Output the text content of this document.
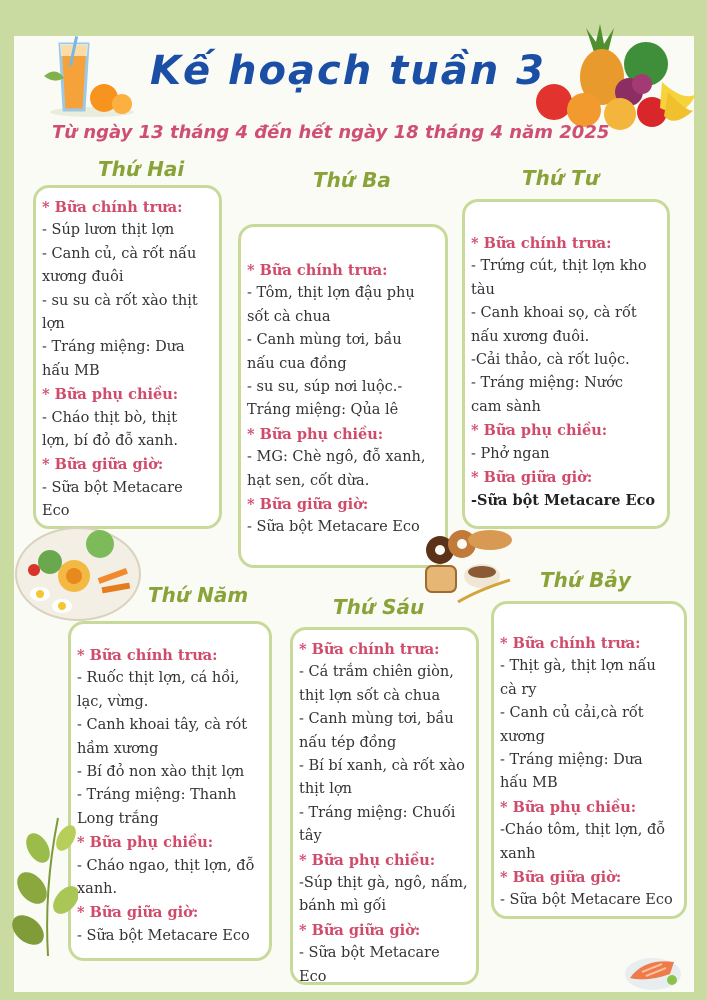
Kế hoạch tuần 3
Từ ngày 13 tháng 4 đến hết ngày 18 tháng 4 năm 2025
Thứ Hai	Thứ Ba	Thứ Tư
Thứ Năm	Thứ Sáu
Thứ Bảy
* Bữa chính trưa:
- Súp lươn thịt lợn
- Canh củ, cà rốt nấu
xương đuôi
- su su cà rốt xào thịt
lợn
- Tráng miệng: Dưa
hấu MB
* Bữa phụ chiều:
- Cháo thịt bò, thịt
lợn, bí đỏ đỗ xanh.
* Bữa giữa giờ:
- Sữa bột Metacare
Eco
* Bữa chính trưa:
- Tôm, thịt lợn đậu phụ
sốt cà chua
- Canh mùng tơi, bầu
nấu cua đồng
- su su, súp nơi luộc.-
Tráng miệng: Qủa lê
* Bữa phụ chiều:
- MG: Chè ngô, đỗ xanh,
hạt sen, cốt dừa.
* Bữa giữa giờ:
- Sữa bột Metacare Eco
* Bữa chính trưa:
- Trứng cút, thịt lợn kho
tàu
- Canh khoai sọ, cà rốt
nấu xương đuôi.
-Cải thảo, cà rốt luộc.
- Tráng miệng: Nước
cam sành
* Bữa phụ chiều:
- Phở ngan
* Bữa giữa giờ:
-Sữa bột Metacare Eco
* Bữa chính trưa:
- Ruốc thịt lợn, cá hồi,
lạc, vừng.
- Canh khoai tây, cà rót
hầm xương
- Bí đỏ non xào thịt lợn
- Tráng miệng: Thanh
Long trắng
* Bữa phụ chiều:
- Cháo ngao, thịt lợn, đỗ
xanh.
* Bữa giữa giờ:
- Sữa bột Metacare Eco
* Bữa chính trưa:
- Cá trắm chiên giòn,
thịt lợn sốt cà chua
- Canh mùng tơi, bầu
nấu tép đồng
- Bí bí xanh, cà rốt xào
thịt lợn
- Tráng miệng: Chuối
tây
* Bữa phụ chiều:
-Súp thịt gà, ngô, nấm,
bánh mì gối
* Bữa giữa giờ:
- Sữa bột Metacare
Eco
* Bữa chính trưa:
- Thịt gà, thịt lợn nấu
cà ry
- Canh củ cải,cà rốt
xương
- Tráng miệng: Dưa
hấu MB
* Bữa phụ chiều:
-Cháo tôm, thịt lợn, đỗ
xanh
* Bữa giữa giờ:
- Sữa bột Metacare Eco
